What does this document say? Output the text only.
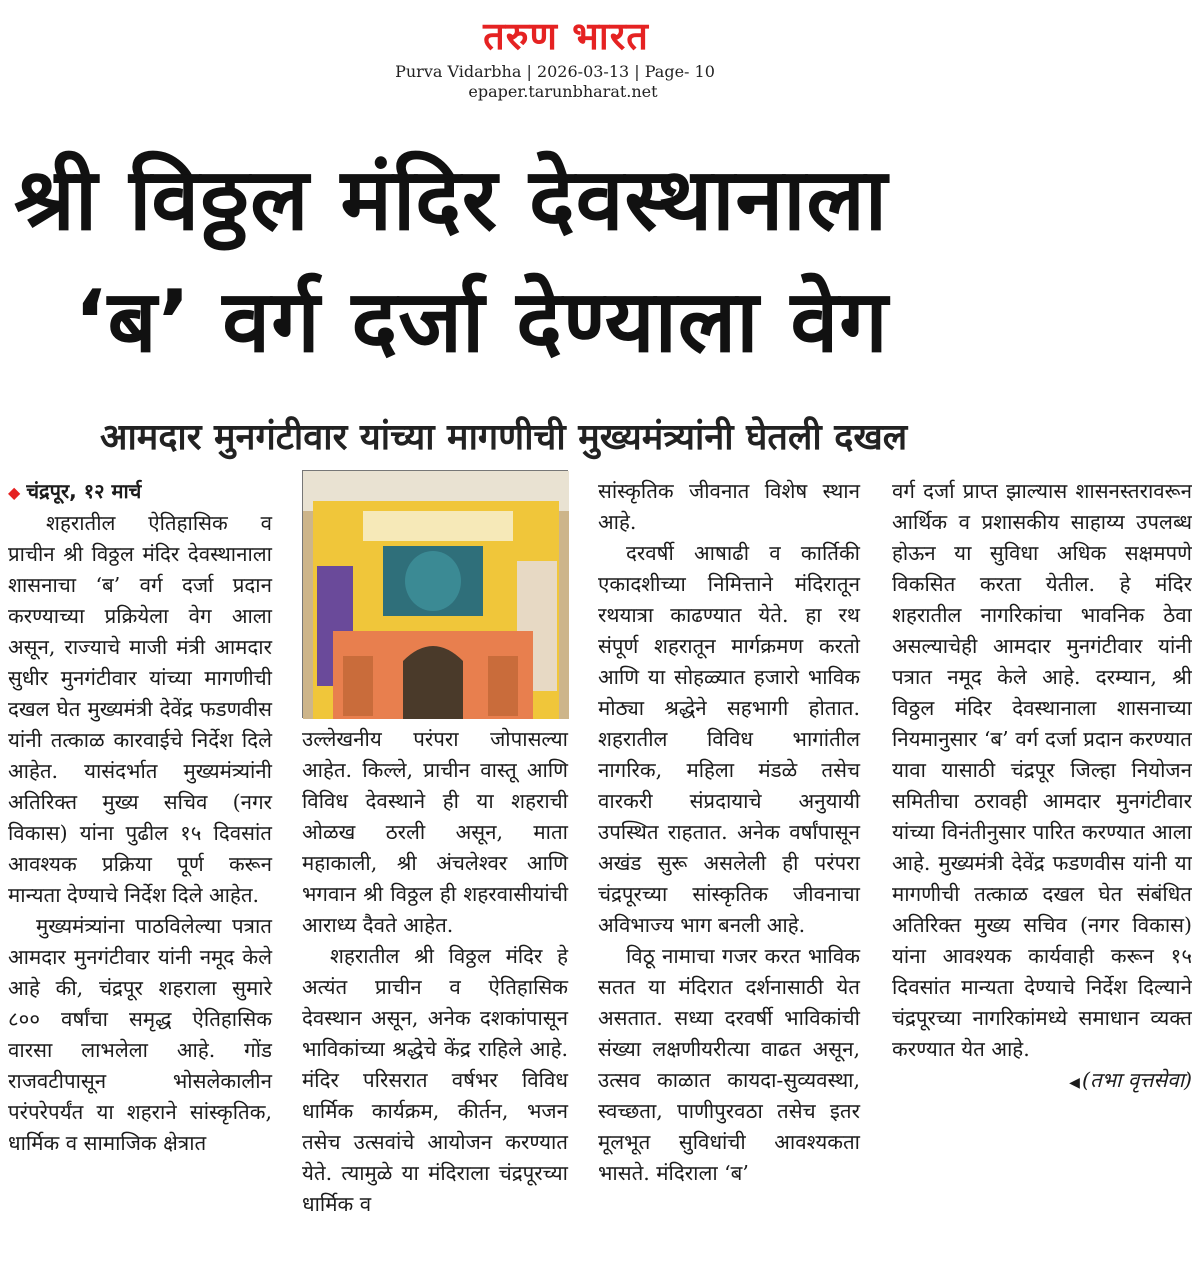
तरुण भारत
Purva Vidarbha | 2026-03-13 | Page- 10
epaper.tarunbharat.net
श्री विठ्ठल मंदिर देवस्थानाला
‘ब’ वर्ग दर्जा देण्याला वेग
आमदार मुनगंटीवार यांच्या मागणीची मुख्यमंत्र्यांनी घेतली दखल
◆ चंद्रपूर, १२ मार्च

शहरातील ऐतिहासिक व प्राचीन श्री विठ्ठल मंदिर देवस्थानाला शासनाचा ‘ब’ वर्ग दर्जा प्रदान करण्याच्या प्रक्रियेला वेग आला असून, राज्याचे माजी मंत्री आमदार सुधीर मुनगंटीवार यांच्या मागणीची दखल घेत मुख्यमंत्री देवेंद्र फडणवीस यांनी तत्काळ कारवाईचे निर्देश दिले आहेत. यासंदर्भात मुख्यमंत्र्यांनी अतिरिक्त मुख्य सचिव (नगर विकास) यांना पुढील १५ दिवसांत आवश्यक प्रक्रिया पूर्ण करून मान्यता देण्याचे निर्देश दिले आहेत.

मुख्यमंत्र्यांना पाठविलेल्या पत्रात आमदार मुनगंटीवार यांनी नमूद केले आहे की, चंद्रपूर शहराला सुमारे ८०० वर्षांचा समृद्ध ऐतिहासिक वारसा लाभलेला आहे. गोंड राजवटीपासून भोसलेकालीन परंपरेपर्यंत या शहराने सांस्कृतिक, धार्मिक व सामाजिक क्षेत्रात

उल्लेखनीय परंपरा जोपासल्या आहेत. किल्ले, प्राचीन वास्तू आणि विविध देवस्थाने ही या शहराची ओळख ठरली असून, माता महाकाली, श्री अंचलेश्वर आणि भगवान श्री विठ्ठल ही शहरवासीयांची आराध्य दैवते आहेत.

शहरातील श्री विठ्ठल मंदिर हे अत्यंत प्राचीन व ऐतिहासिक देवस्थान असून, अनेक दशकांपासून भाविकांच्या श्रद्धेचे केंद्र राहिले आहे. मंदिर परिसरात वर्षभर विविध धार्मिक कार्यक्रम, कीर्तन, भजन तसेच उत्सवांचे आयोजन करण्यात येते. त्यामुळे या मंदिराला चंद्रपूरच्या धार्मिक व

सांस्कृतिक जीवनात विशेष स्थान आहे.

दरवर्षी आषाढी व कार्तिकी एकादशीच्या निमित्ताने मंदिरातून रथयात्रा काढण्यात येते. हा रथ संपूर्ण शहरातून मार्गक्रमण करतो आणि या सोहळ्यात हजारो भाविक मोठ्या श्रद्धेने सहभागी होतात. शहरातील विविध भागांतील नागरिक, महिला मंडळे तसेच वारकरी संप्रदायाचे अनुयायी उपस्थित राहतात. अनेक वर्षांपासून अखंड सुरू असलेली ही परंपरा चंद्रपूरच्या सांस्कृतिक जीवनाचा अविभाज्य भाग बनली आहे.

विठू नामाचा गजर करत भाविक सतत या मंदिरात दर्शनासाठी येत असतात. सध्या दरवर्षी भाविकांची संख्या लक्षणीयरीत्या वाढत असून, उत्सव काळात कायदा-सुव्यवस्था, स्वच्छता, पाणीपुरवठा तसेच इतर मूलभूत सुविधांची आवश्यकता भासते. मंदिराला ‘ब’

वर्ग दर्जा प्राप्त झाल्यास शासनस्तरावरून आर्थिक व प्रशासकीय साहाय्य उपलब्ध होऊन या सुविधा अधिक सक्षमपणे विकसित करता येतील. हे मंदिर शहरातील नागरिकांचा भावनिक ठेवा असल्याचेही आमदार मुनगंटीवार यांनी पत्रात नमूद केले आहे. दरम्यान, श्री विठ्ठल मंदिर देवस्थानाला शासनाच्या नियमानुसार ‘ब’ वर्ग दर्जा प्रदान करण्यात यावा यासाठी चंद्रपूर जिल्हा नियोजन समितीचा ठरावही आमदार मुनगंटीवार यांच्या विनंतीनुसार पारित करण्यात आला आहे. मुख्यमंत्री देवेंद्र फडणवीस यांनी या मागणीची तत्काळ दखल घेत संबंधित अतिरिक्त मुख्य सचिव (नगर विकास) यांना आवश्यक कार्यवाही करून १५ दिवसांत मान्यता देण्याचे निर्देश दिल्याने चंद्रपूरच्या नागरिकांमध्ये समाधान व्यक्त करण्यात येत आहे.

◀(तभा वृत्तसेवा)
